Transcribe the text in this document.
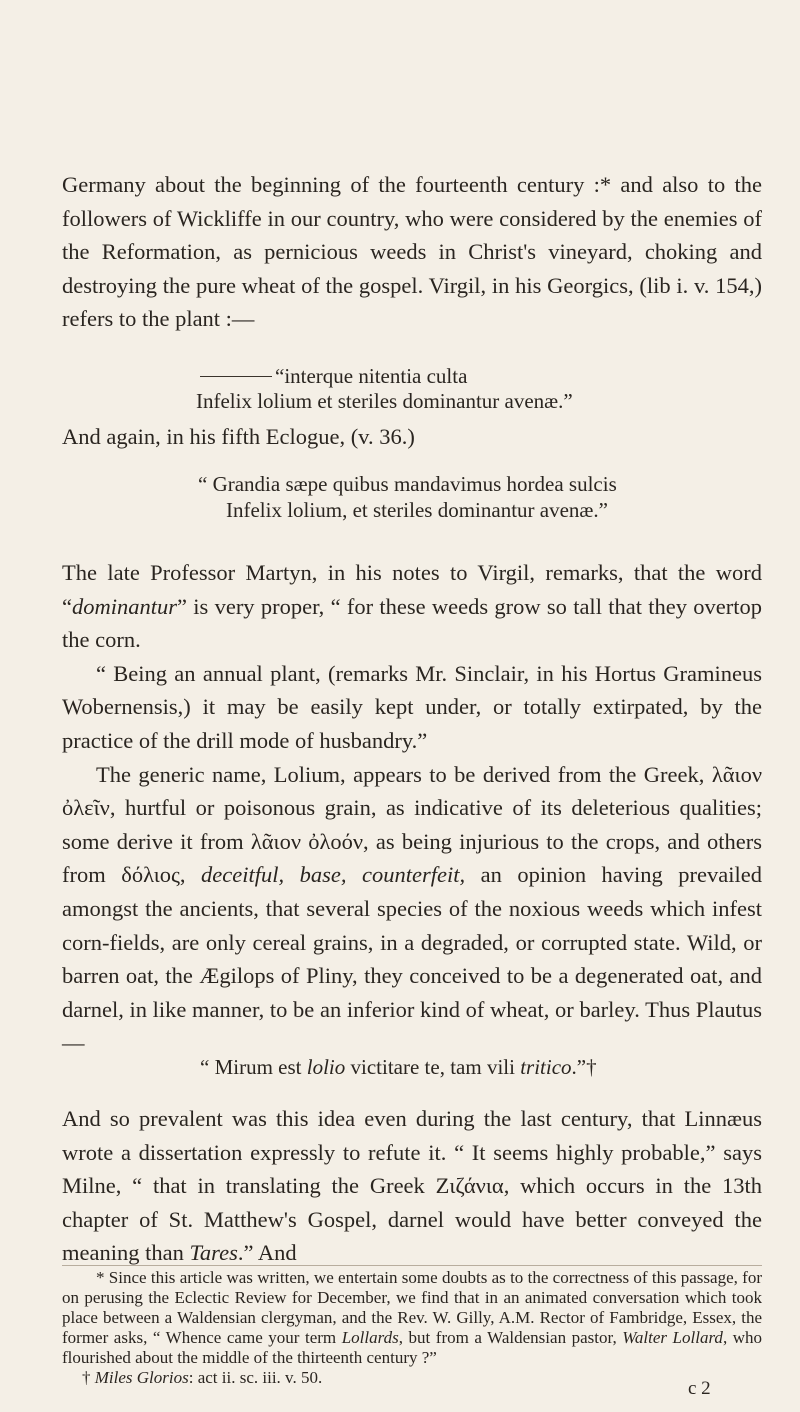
Germany about the beginning of the fourteenth century :* and also to the followers of Wickliffe in our country, who were considered by the enemies of the Reformation, as pernicious weeds in Christ's vineyard, choking and destroying the pure wheat of the gospel. Virgil, in his Georgics, (lib i. v. 154,) refers to the plant :—
“interque nitentia culta
Infelix lolium et steriles dominantur avenæ.”
And again, in his fifth Eclogue, (v. 36.)
“ Grandia sæpe quibus mandavimus hordea sulcis
Infelix lolium, et steriles dominantur avenæ.”
The late Professor Martyn, in his notes to Virgil, remarks, that the word “dominantur” is very proper, “ for these weeds grow so tall that they overtop the corn.
“ Being an annual plant, (remarks Mr. Sinclair, in his Hortus Gramineus Wobernensis,) it may be easily kept under, or totally extirpated, by the practice of the drill mode of husbandry.”
The generic name, Lolium, appears to be derived from the Greek, λᾶιον ὀλεῖν, hurtful or poisonous grain, as indicative of its deleterious qualities; some derive it from λᾶιον ὀλοόν, as being injurious to the crops, and others from δόλιος, deceitful, base, counterfeit, an opinion having prevailed amongst the ancients, that several species of the noxious weeds which infest corn-fields, are only cereal grains, in a degraded, or corrupted state. Wild, or barren oat, the Ægilops of Pliny, they conceived to be a degenerated oat, and darnel, in like manner, to be an inferior kind of wheat, or barley. Thus Plautus—
“ Mirum est lolio victitare te, tam vili tritico.”†
And so prevalent was this idea even during the last century, that Linnæus wrote a dissertation expressly to refute it. “ It seems highly probable,” says Milne, “ that in translating the Greek Ζιζάνια, which occurs in the 13th chapter of St. Matthew's Gospel, darnel would have better conveyed the meaning than Tares.” And
* Since this article was written, we entertain some doubts as to the correctness of this passage, for on perusing the Eclectic Review for December, we find that in an animated conversation which took place between a Waldensian clergyman, and the Rev. W. Gilly, A.M. Rector of Fambridge, Essex, the former asks, “ Whence came your term Lollards, but from a Waldensian pastor, Walter Lollard, who flourished about the middle of the thirteenth century ?”
† Miles Glorios: act ii. sc. iii. v. 50.
c 2
